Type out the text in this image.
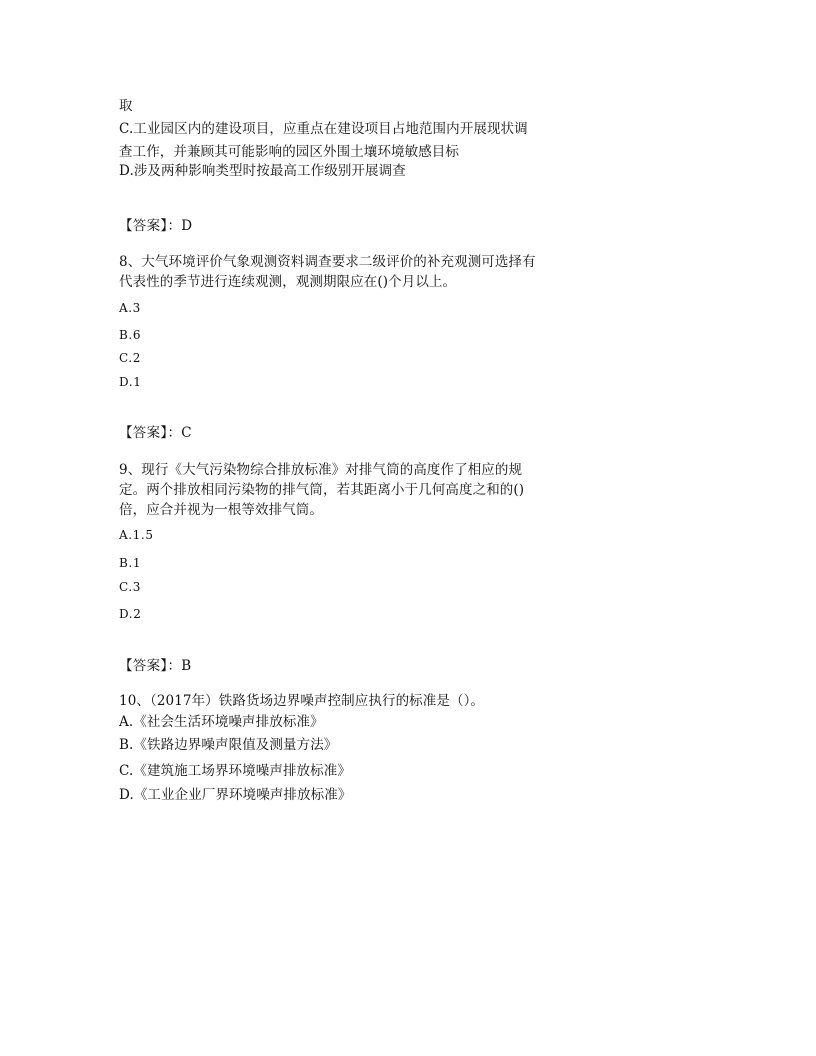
取
C.工业园区内的建设项目，应重点在建设项目占地范围内开展现状调
查工作，并兼顾其可能影响的园区外围土壤环境敏感目标
D.涉及两种影响类型时按最高工作级别开展调查
【答案】：D
8、大气环境评价气象观测资料调查要求二级评价的补充观测可选择有
代表性的季节进行连续观测，观测期限应在()个月以上。
A.3
B.6
C.2
D.1
【答案】：C
9、现行《大气污染物综合排放标准》对排气筒的高度作了相应的规
定。两个排放相同污染物的排气筒，若其距离小于几何高度之和的()
倍，应合并视为一根等效排气筒。
A.1.5
B.1
C.3
D.2
【答案】：B
10、（2017年）铁路货场边界噪声控制应执行的标准是（）。
A.《社会生活环境噪声排放标准》
B.《铁路边界噪声限值及测量方法》
C.《建筑施工场界环境噪声排放标准》
D.《工业企业厂界环境噪声排放标准》
